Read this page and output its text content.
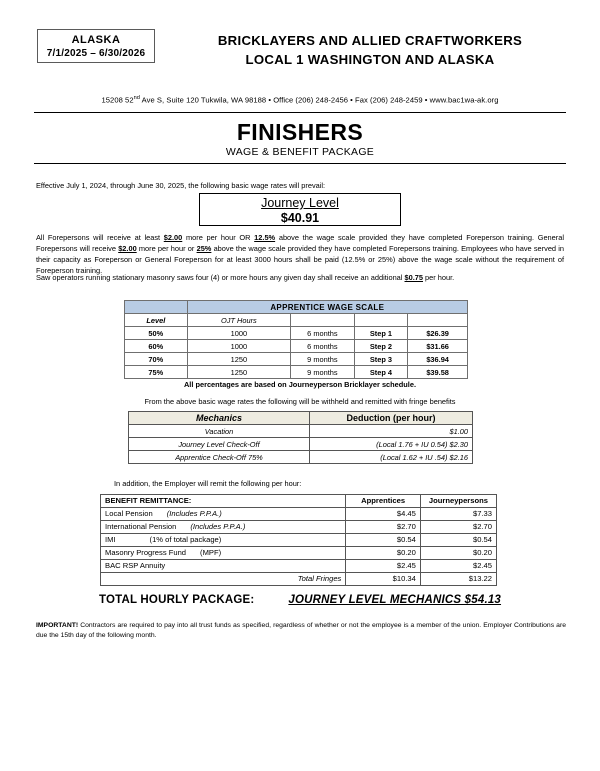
ALASKA
7/1/2025 – 6/30/2026
BRICKLAYERS AND ALLIED CRAFTWORKERS
LOCAL 1 WASHINGTON AND ALASKA
15208 52nd Ave S, Suite 120 Tukwila, WA 98188 • Office (206) 248-2456 • Fax (206) 248-2459 • www.bac1wa-ak.org
FINISHERS
WAGE & BENEFIT PACKAGE
Effective July 1, 2024, through June 30, 2025, the following basic wage rates will prevail:
Journey Level
$40.91
All Forepersons will receive at least $2.00 more per hour OR 12.5% above the wage scale provided they have completed Foreperson training. General Forepersons will receive $2.00 more per hour or 25% above the wage scale provided they have completed Forepersons training. Employees who have served in their capacity as Foreperson or General Foreperson for at least 3000 hours shall be paid (12.5% or 25%) above the wage scale without the requirement of Foreperson training.
Saw operators running stationary masonry saws four (4) or more hours any given day shall receive an additional $0.75 per hour.
	APPRENTICE WAGE SCALE			
Level	OJT Hours			
50%	1000	6 months	Step 1	$26.39
60%	1000	6 months	Step 2	$31.66
70%	1250	9 months	Step 3	$36.94
75%	1250	9 months	Step 4	$39.58
All percentages are based on Journeyperson Bricklayer schedule.
From the above basic wage rates the following will be withheld and remitted with fringe benefits
Mechanics	Deduction (per hour)
Vacation	$1.00
Journey Level Check-Off	(Local 1.76 + IU 0.54) $2.30
Apprentice Check-Off 75%	(Local 1.62 + IU .54) $2.16
In addition, the Employer will remit the following per hour:
BENEFIT REMITTANCE:	Apprentices	Journeypersons
Local Pension (Includes P.P.A.)	$4.45	$7.33
International Pension (Includes P.P.A.)	$2.70	$2.70
IMI (1% of total package)	$0.54	$0.54
Masonry Progress Fund (MPF)	$0.20	$0.20
BAC RSP Annuity	$2.45	$2.45
Total Fringes	$10.34	$13.22
TOTAL HOURLY PACKAGE:	JOURNEY LEVEL MECHANICS $54.13
IMPORTANT! Contractors are required to pay into all trust funds as specified, regardless of whether or not the employee is a member of the union. Employer Contributions are due the 15th day of the following month.
